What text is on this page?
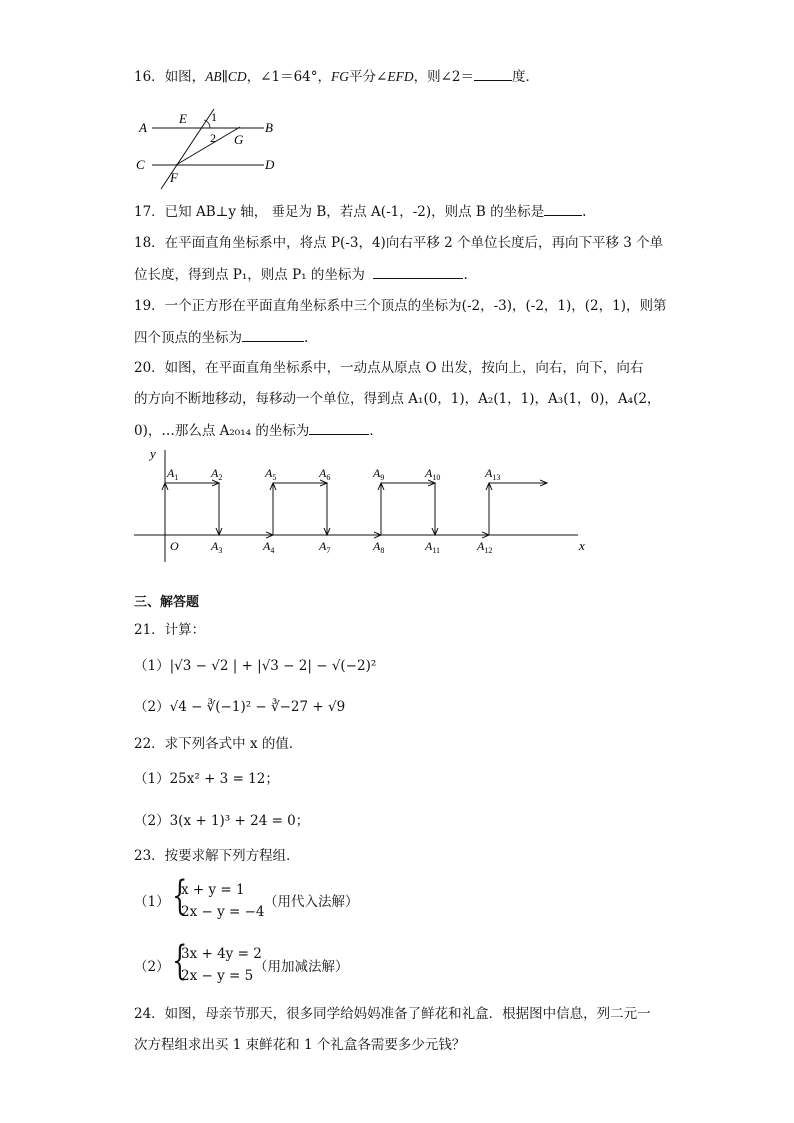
16．如图，AB∥CD，∠1＝64°，FG平分∠EFD，则∠2＝	度．
A	B
C	D
E
F
G
1
2
17．已知 AB⊥y 轴， 垂足为 B，若点 A(-1，-2)，则点 B 的坐标是	.
18．在平面直角坐标系中，将点 P(-3，4)向右平移 2 个单位长度后，再向下平移 3 个单
位长度，得到点 P₁，则点 P₁ 的坐标为	.
19．一个正方形在平面直角坐标系中三个顶点的坐标为(-2，-3)，(-2，1)，(2，1)，则第
四个顶点的坐标为	.
20．如图，在平面直角坐标系中，一动点从原点 O 出发，按向上，向右，向下，向右
的方向不断地移动，每移动一个单位，得到点 A₁(0，1)，A₂(1，1)，A₃(1，0)，A₄(2，
0)，…那么点 A₂₀₁₄ 的坐标为	．
y
x
O
$A_1$	$A_2$	$A_5$	$A_6$	$A_9$	$A_{10}$	$A_{13}$
$A_3$	$A_4$	$A_7$	$A_8$	$A_{11}$	$A_{12}$
三、解答题
21．计算：
（1）|√3 − √2 | + |√3 − 2| − √(−2)²
（2）√4 − ∛(−1)² − ∛−27 + √9
22．求下列各式中 x 的值．
（1）25x² + 3 = 12；
（2）3(x + 1)³ + 24 = 0；
23．按要求解下列方程组．
（1） {
x + y = 1
2x − y = −4
（用代入法解）
（2） {
3x + 4y = 2
2x − y = 5
（用加减法解）
24．如图，母亲节那天，很多同学给妈妈准备了鲜花和礼盒．根据图中信息，列二元一
次方程组求出买 1 束鲜花和 1 个礼盒各需要多少元钱？
